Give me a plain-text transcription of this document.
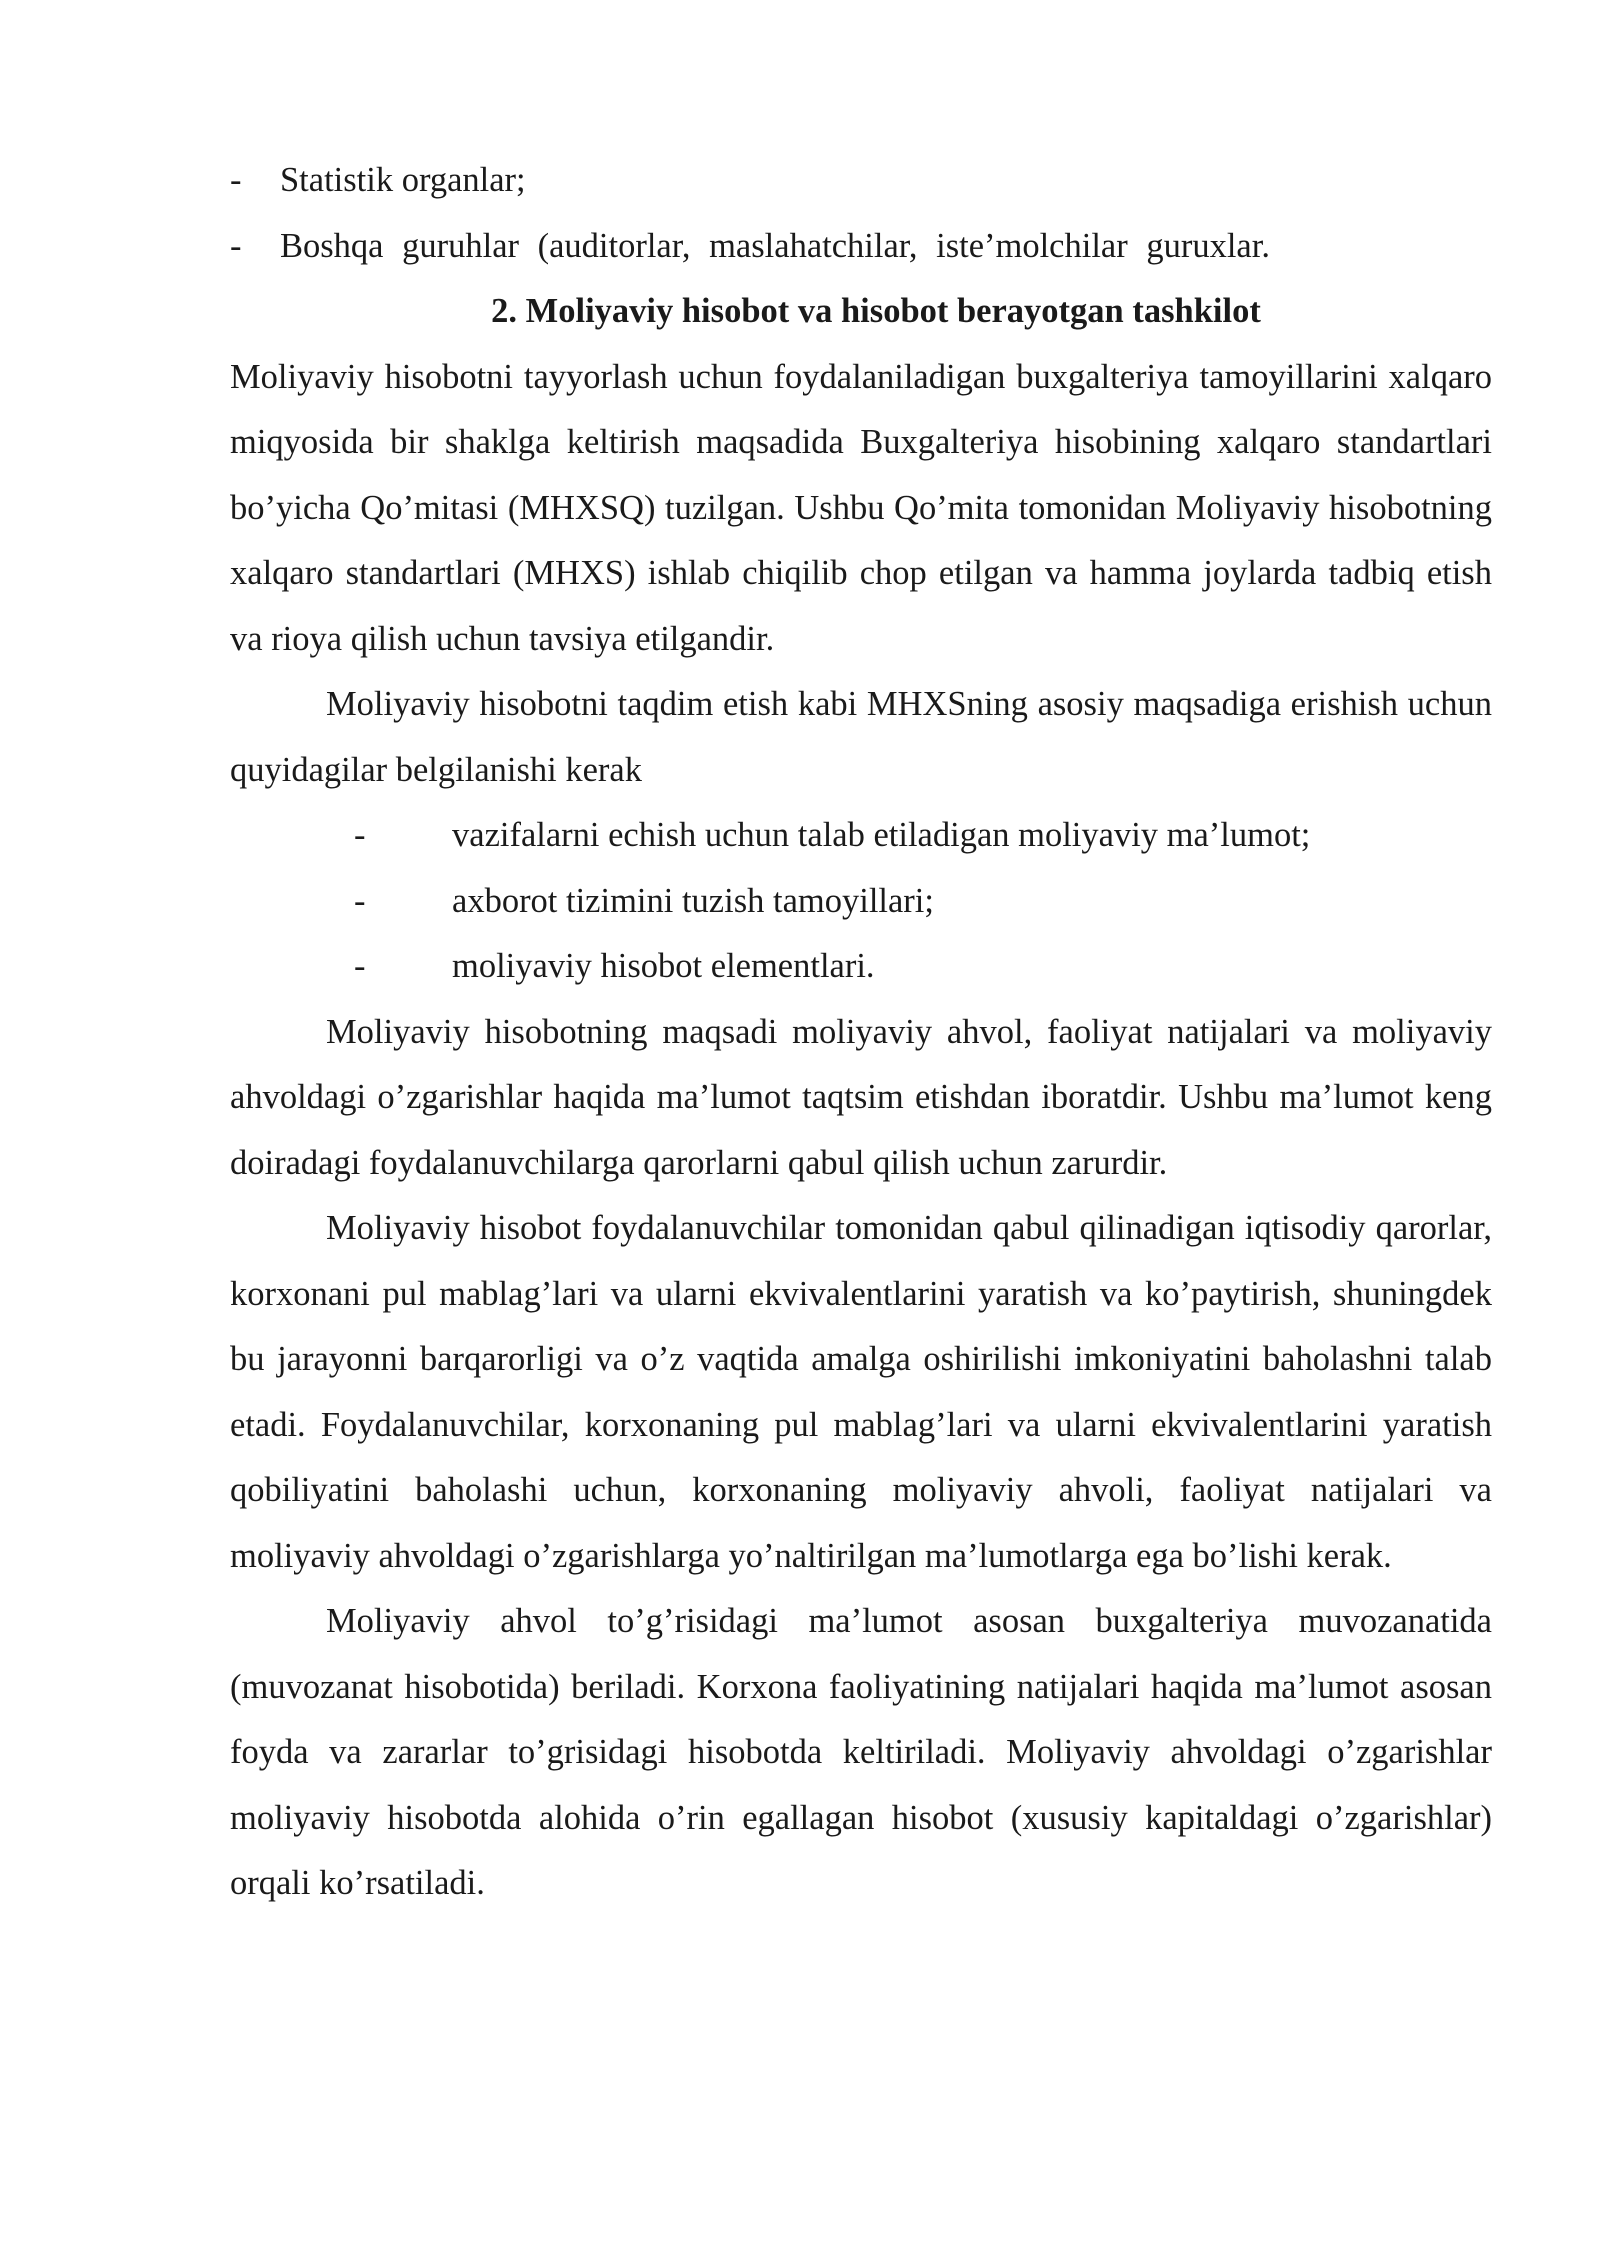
-	Statistik organlar;
-	Boshqa guruhlar (auditorlar, maslahatchilar, iste’molchilar guruxlar.
2. Moliyaviy hisobot va hisobot berayotgan tashkilot

Moliyaviy hisobotni tayyorlash uchun foydalaniladigan buxgalteriya tamoyillarini xalqaro miqyosida bir shaklga keltirish maqsadida Buxgalteriya hisobining xalqaro standartlari bo’yicha Qo’mitasi (MHXSQ) tuzilgan. Ushbu Qo’mita tomonidan Moliyaviy hisobotning xalqaro standartlari (MHXS) ishlab chiqilib chop etilgan va hamma joylarda tadbiq etish va rioya qilish uchun tavsiya etilgandir.

Moliyaviy hisobotni taqdim etish kabi MHXSning asosiy maqsadiga erishish uchun quyidagilar belgilanishi kerak

-	vazifalarni echish uchun talab etiladigan moliyaviy ma’lumot;
-	axborot tizimini tuzish tamoyillari;
-	moliyaviy hisobot elementlari.

Moliyaviy hisobotning maqsadi moliyaviy ahvol, faoliyat natijalari va moliyaviy ahvoldagi o’zgarishlar haqida ma’lumot taqtsim etishdan iboratdir. Ushbu ma’lumot keng doiradagi foydalanuvchilarga qarorlarni qabul qilish uchun zarurdir.

Moliyaviy hisobot foydalanuvchilar tomonidan qabul qilinadigan iqtisodiy qarorlar, korxonani pul mablag’lari va ularni ekvivalentlarini yaratish va ko’paytirish, shuningdek bu jarayonni barqarorligi va o’z vaqtida amalga oshirilishi imkoniyatini baholashni talab etadi. Foydalanuvchilar, korxonaning pul mablag’lari va ularni ekvivalentlarini yaratish qobiliyatini baholashi uchun, korxonaning moliyaviy ahvoli, faoliyat natijalari va moliyaviy ahvoldagi o’zgarishlarga yo’naltirilgan ma’lumotlarga ega bo’lishi kerak.

Moliyaviy ahvol to’g’risidagi ma’lumot asosan buxgalteriya muvozanatida (muvozanat hisobotida) beriladi. Korxona faoliyatining natijalari haqida ma’lumot asosan foyda va zararlar to’grisidagi hisobotda keltiriladi. Moliyaviy ahvoldagi o’zgarishlar moliyaviy hisobotda alohida o’rin egallagan hisobot (xususiy kapitaldagi o’zgarishlar) orqali ko’rsatiladi.
